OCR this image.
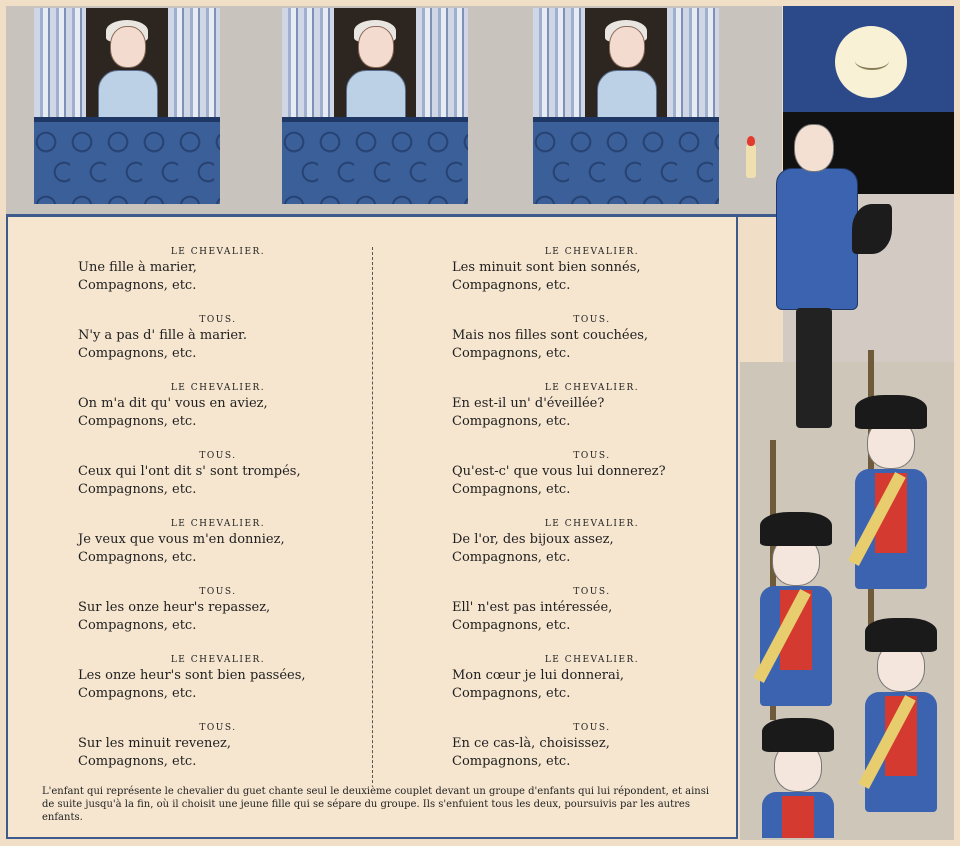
LE CHEVALIER.
Une fille à marier,
Compagnons, etc.
TOUS.
N'y a pas d' fille à marier.
Compagnons, etc.
LE CHEVALIER.
On m'a dit qu' vous en aviez,
Compagnons, etc.
TOUS.
Ceux qui l'ont dit s' sont trompés,
Compagnons, etc.
LE CHEVALIER.
Je veux que vous m'en donniez,
Compagnons, etc.
TOUS.
Sur les onze heur's repassez,
Compagnons, etc.
LE CHEVALIER.
Les onze heur's sont bien passées,
Compagnons, etc.
TOUS.
Sur les minuit revenez,
Compagnons, etc.
LE CHEVALIER.
Les minuit sont bien sonnés,
Compagnons, etc.
TOUS.
Mais nos filles sont couchées,
Compagnons, etc.
LE CHEVALIER.
En est-il un' d'éveillée?
Compagnons, etc.
TOUS.
Qu'est-c' que vous lui donnerez?
Compagnons, etc.
LE CHEVALIER.
De l'or, des bijoux assez,
Compagnons, etc.
TOUS.
Ell' n'est pas intéressée,
Compagnons, etc.
LE CHEVALIER.
Mon cœur je lui donnerai,
Compagnons, etc.
TOUS.
En ce cas-là, choisissez,
Compagnons, etc.
L'enfant qui représente le chevalier du guet chante seul le deuxième couplet devant un groupe d'enfants qui lui répondent, et ainsi de suite jusqu'à la fin, où il choisit une jeune fille qui se sépare du groupe. Ils s'enfuient tous les deux, poursuivis par les autres enfants.
